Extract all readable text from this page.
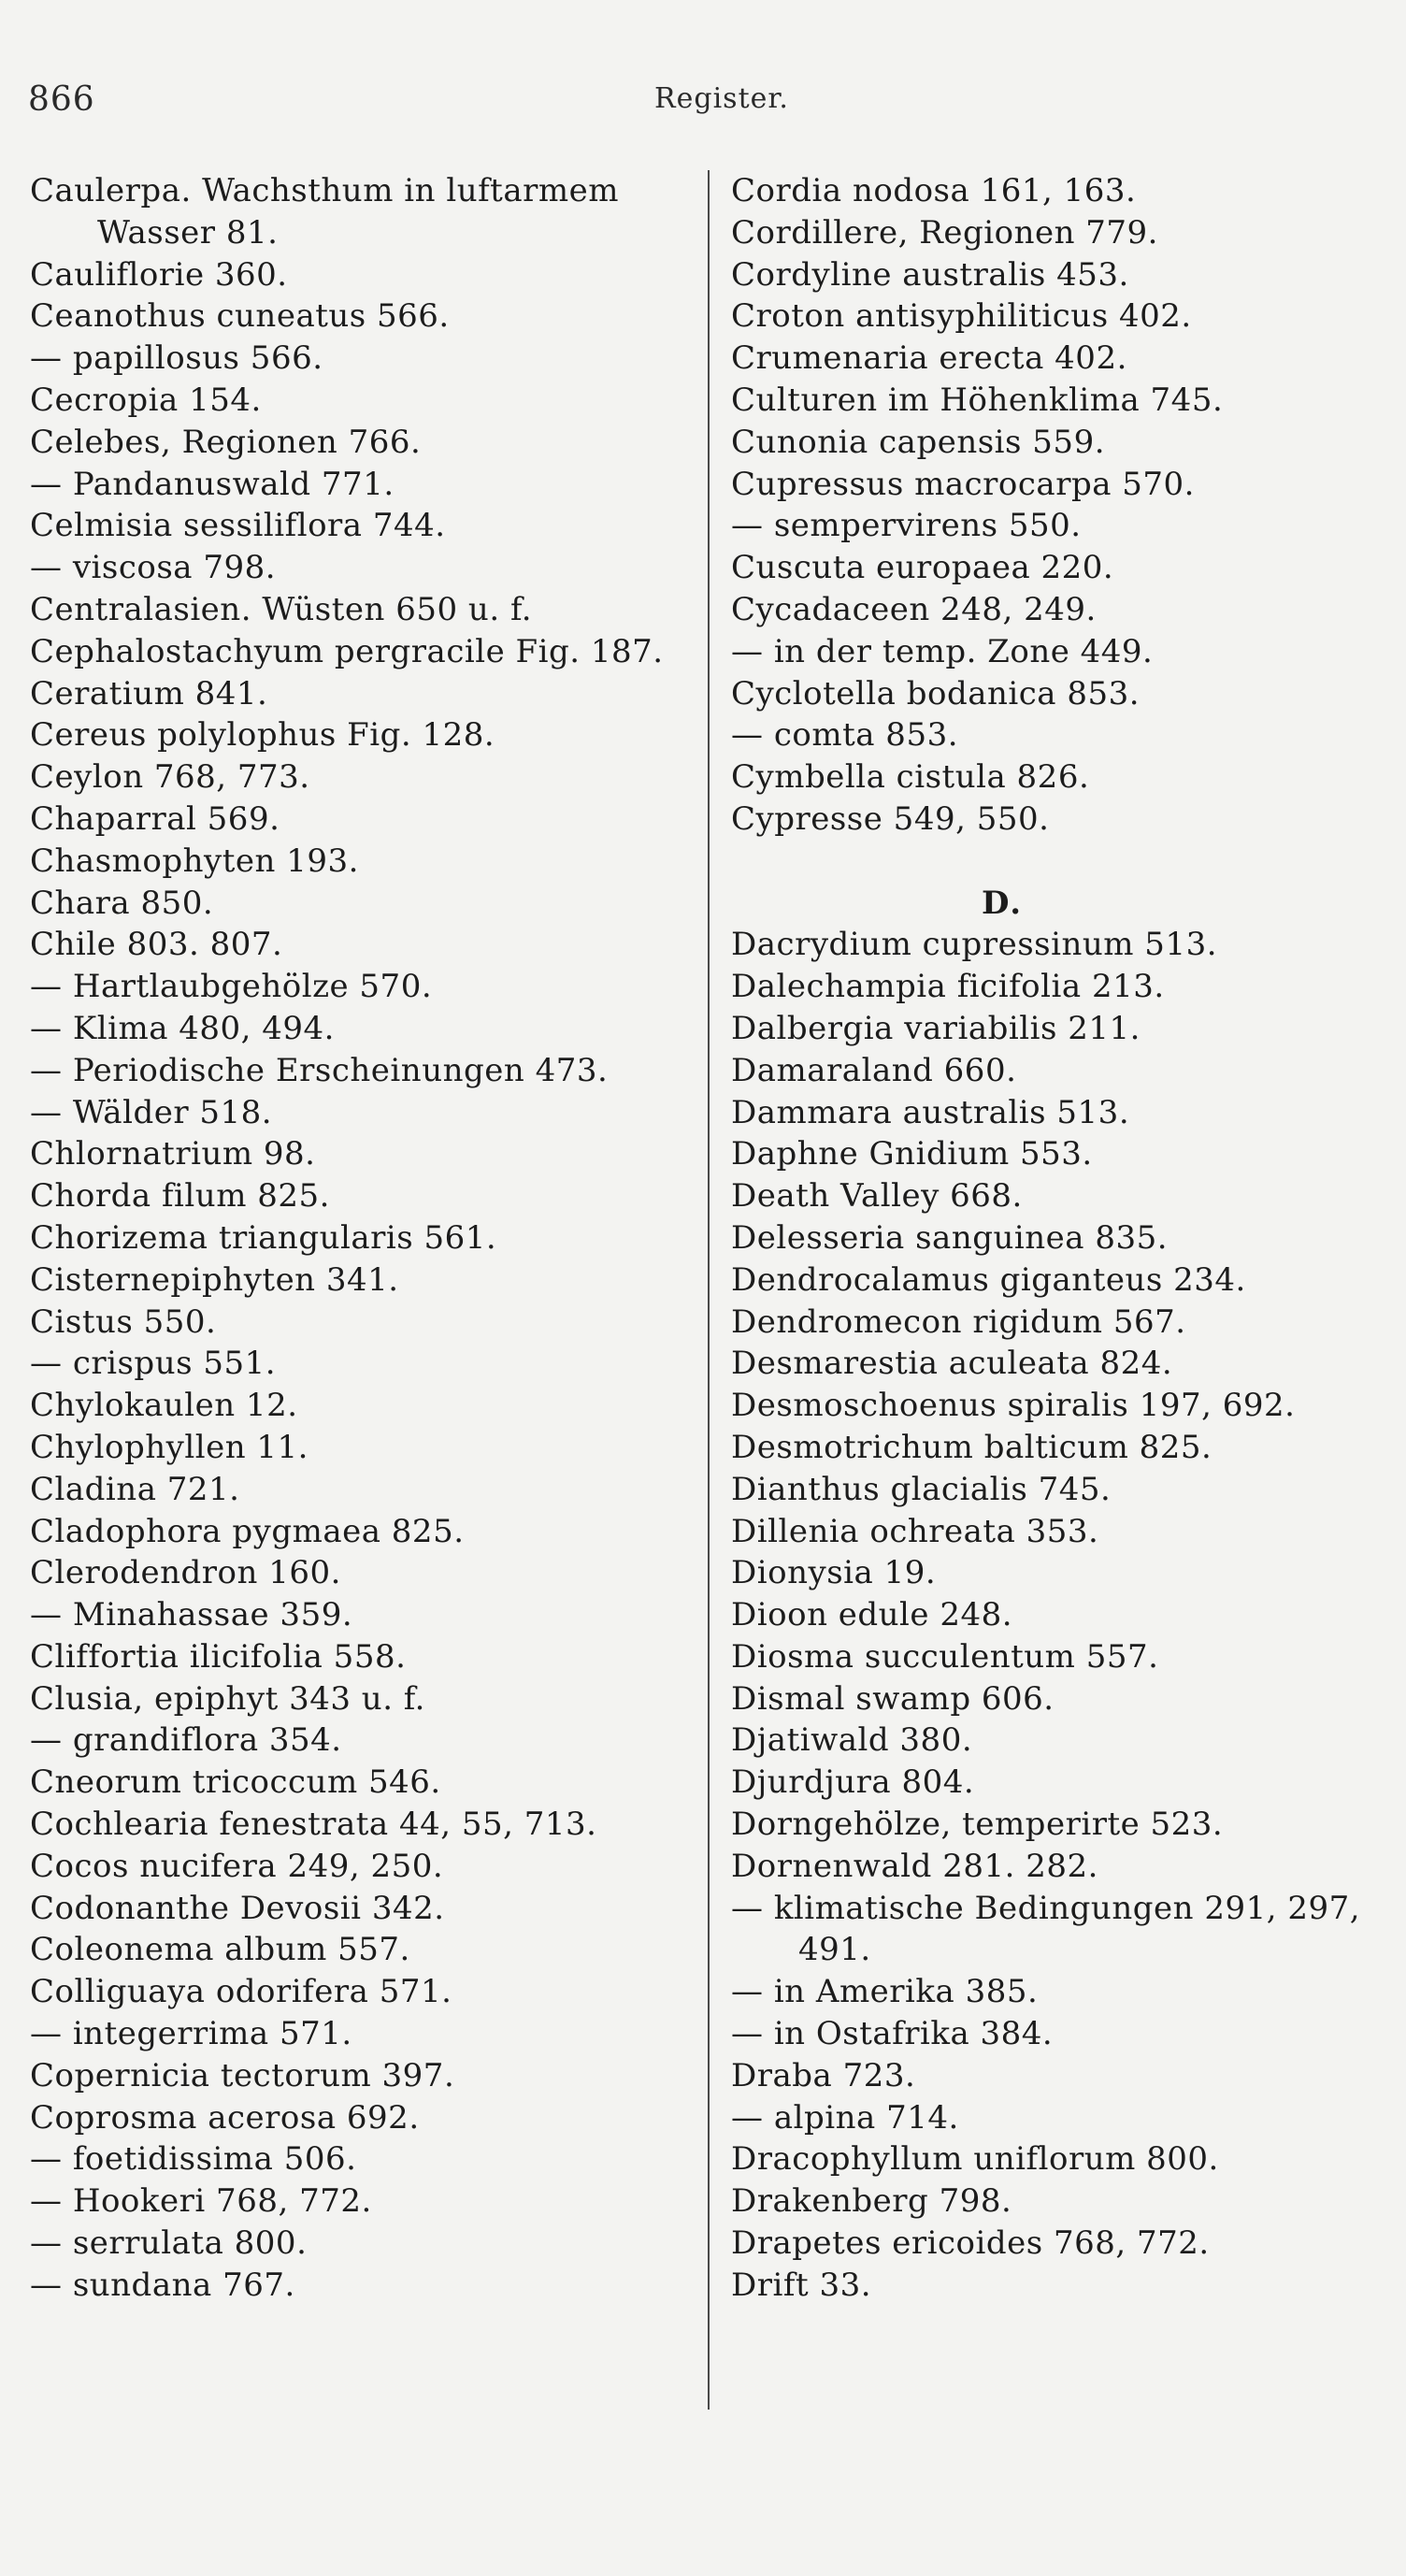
866	Register.
Caulerpa. Wachsthum in luftarmem
Wasser 81.
Cauliflorie 360.
Ceanothus cuneatus 566.
— papillosus 566.
Cecropia 154.
Celebes, Regionen 766.
— Pandanuswald 771.
Celmisia sessiliflora 744.
— viscosa 798.
Centralasien. Wüsten 650 u. f.
Cephalostachyum pergracile Fig. 187.
Ceratium 841.
Cereus polylophus Fig. 128.
Ceylon 768, 773.
Chaparral 569.
Chasmophyten 193.
Chara 850.
Chile 803. 807.
— Hartlaubgehölze 570.
— Klima 480, 494.
— Periodische Erscheinungen 473.
— Wälder 518.
Chlornatrium 98.
Chorda filum 825.
Chorizema triangularis 561.
Cisternepiphyten 341.
Cistus 550.
— crispus 551.
Chylokaulen 12.
Chylophyllen 11.
Cladina 721.
Cladophora pygmaea 825.
Clerodendron 160.
— Minahassae 359.
Cliffortia ilicifolia 558.
Clusia, epiphyt 343 u. f.
— grandiflora 354.
Cneorum tricoccum 546.
Cochlearia fenestrata 44, 55, 713.
Cocos nucifera 249, 250.
Codonanthe Devosii 342.
Coleonema album 557.
Colliguaya odorifera 571.
— integerrima 571.
Copernicia tectorum 397.
Coprosma acerosa 692.
— foetidissima 506.
— Hookeri 768, 772.
— serrulata 800.
— sundana 767.
Cordia nodosa 161, 163.
Cordillere, Regionen 779.
Cordyline australis 453.
Croton antisyphiliticus 402.
Crumenaria erecta 402.
Culturen im Höhenklima 745.
Cunonia capensis 559.
Cupressus macrocarpa 570.
— sempervirens 550.
Cuscuta europaea 220.
Cycadaceen 248, 249.
— in der temp. Zone 449.
Cyclotella bodanica 853.
— comta 853.
Cymbella cistula 826.
Cypresse 549, 550.
D.
Dacrydium cupressinum 513.
Dalechampia ficifolia 213.
Dalbergia variabilis 211.
Damaraland 660.
Dammara australis 513.
Daphne Gnidium 553.
Death Valley 668.
Delesseria sanguinea 835.
Dendrocalamus giganteus 234.
Dendromecon rigidum 567.
Desmarestia aculeata 824.
Desmoschoenus spiralis 197, 692.
Desmotrichum balticum 825.
Dianthus glacialis 745.
Dillenia ochreata 353.
Dionysia 19.
Dioon edule 248.
Diosma succulentum 557.
Dismal swamp 606.
Djatiwald 380.
Djurdjura 804.
Dorngehölze, temperirte 523.
Dornenwald 281. 282.
— klimatische Bedingungen 291, 297,
491.
— in Amerika 385.
— in Ostafrika 384.
Draba 723.
— alpina 714.
Dracophyllum uniflorum 800.
Drakenberg 798.
Drapetes ericoides 768, 772.
Drift 33.
